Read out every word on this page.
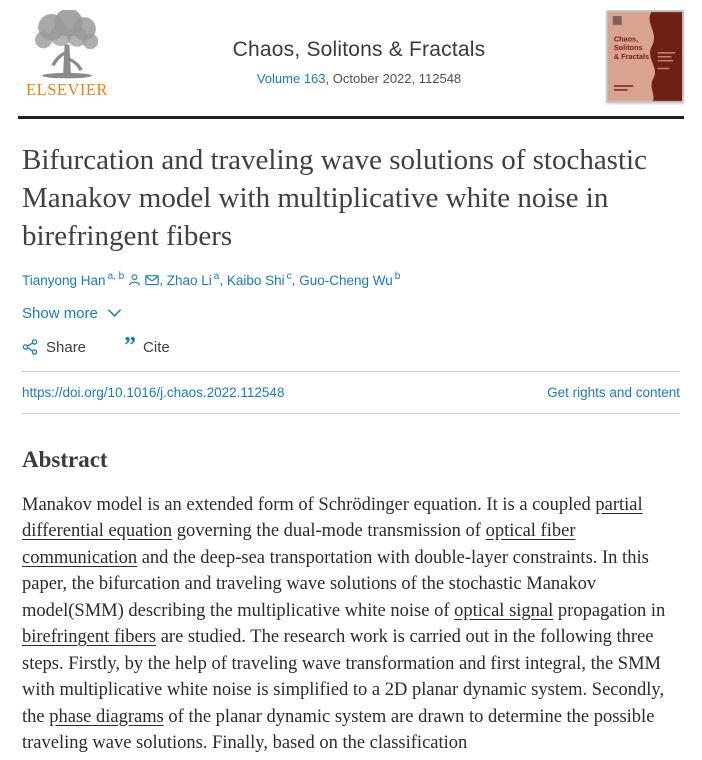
ELSEVIER
Chaos, Solitons & Fractals
Volume 163, October 2022, 112548
Chaos,
Solitons
& Fractals
Bifurcation and traveling wave solutions of stochastic Manakov model with multiplicative white noise in birefringent fibers
Tianyong Han $^{a, b}$	, Zhao Li $^a$, Kaibo Shi $^c$, Guo-Cheng Wu $^b$
Show more
Share ” Cite
https://doi.org/10.1016/j.chaos.2022.112548	Get rights and content
Abstract

Manakov model is an extended form of Schrödinger equation. It is a coupled partial differential equation governing the dual-mode transmission of optical fiber communication and the deep-sea transportation with double-layer constraints. In this paper, the bifurcation and traveling wave solutions of the stochastic Manakov model(SMM) describing the multiplicative white noise of optical signal propagation in birefringent fibers are studied. The research work is carried out in the following three steps. Firstly, by the help of traveling wave transformation and first integral, the SMM with multiplicative white noise is simplified to a 2D planar dynamic system. Secondly, the phase diagrams of the planar dynamic system are drawn to determine the possible traveling wave solutions. Finally, based on the classification
